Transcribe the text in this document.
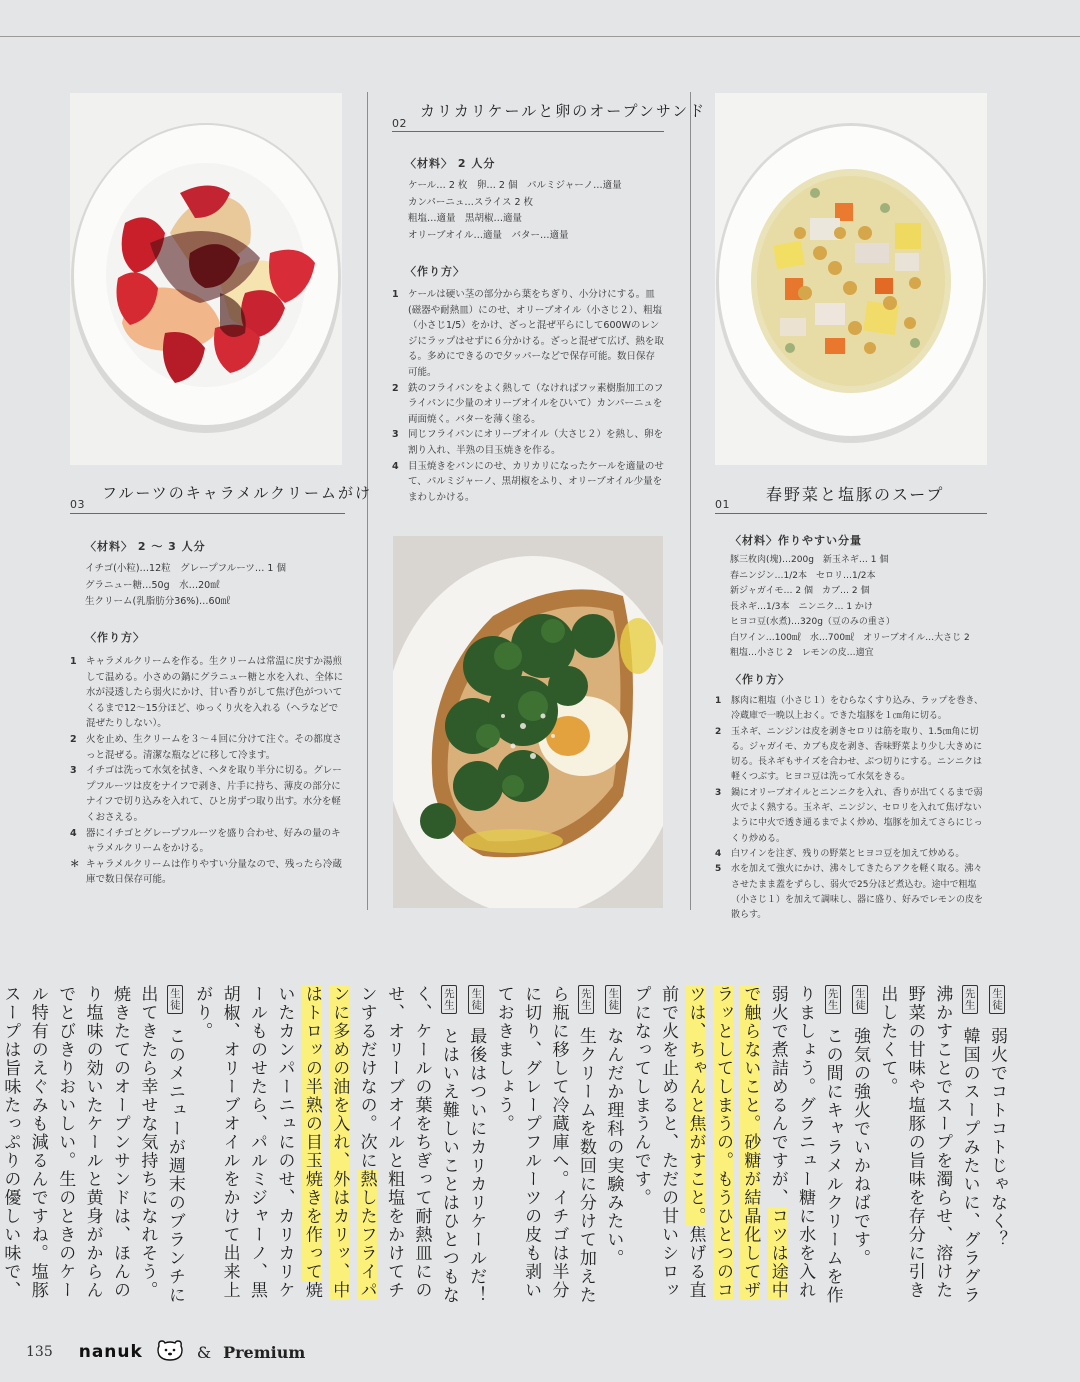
フルーツのキャラメルクリームがけ
03
〈材料〉 2 〜 3 人分
イチゴ(小粒)…12粒　グレープフルーツ… 1 個
グラニュー糖…50g　水…20㎖
生クリーム(乳脂肪分36%)…60㎖
〈作り方〉
1 キャラメルクリームを作る。生クリームは常温に戻すか湯煎して温める。小さめの鍋にグラニュー糖と水を入れ、全体に水が浸透したら弱火にかけ、甘い香りがして焦げ色がついてくるまで12〜15分ほど、ゆっくり火を入れる（ヘラなどで混ぜたりしない）。
2 火を止め、生クリームを３〜４回に分けて注ぐ。その都度さっと混ぜる。清潔な瓶などに移して冷ます。
3 イチゴは洗って水気を拭き、ヘタを取り半分に切る。グレープフルーツは皮をナイフで剥き、片手に持ち、薄皮の部分にナイフで切り込みを入れて、ひと房ずつ取り出す。水分を軽くおさえる。
4 器にイチゴとグレープフルーツを盛り合わせ、好みの量のキャラメルクリームをかける。
＊ キャラメルクリームは作りやすい分量なので、残ったら冷蔵庫で数日保存可能。
カリカリケールと卵のオープンサンド
02
〈材料〉 2 人分
ケール… 2 枚　卵… 2 個　パルミジャーノ…適量
カンパーニュ…スライス 2 枚
粗塩…適量　黒胡椒…適量
オリーブオイル…適量　バター…適量
〈作り方〉
1 ケールは硬い茎の部分から葉をちぎり、小分けにする。皿(磁器や耐熱皿）にのせ、オリーブオイル（小さじ２）、粗塩（小さじ1/5）をかけ、ざっと混ぜ平らにして600Wのレンジにラップはせずに６分かける。ざっと混ぜて広げ、熱を取る。多めにできるので夕ッパーなどで保存可能。数日保存可能。
2 鉄のフライパンをよく熱して（なければフッ素樹脂加工のフライパンに少量のオリーブオイルをひいて）カンパーニュを両面焼く。バターを薄く塗る。
3 同じフライパンにオリーブオイル（大さじ２）を熱し、卵を割り入れ、半熟の目玉焼きを作る。
4 目玉焼きをパンにのせ、カリカリになったケールを適量のせて、パルミジャーノ、黒胡椒をふり、オリーブオイル少量をまわしかける。	春野菜と塩豚のスープ
01
〈材料〉作りやすい分量
豚三枚肉(塊)…200g　新玉ネギ… 1 個
春ニンジン…1/2本　セロリ…1/2本
新ジャガイモ… 2 個　カブ… 2 個
長ネギ…1/3本　ニンニク… 1 かけ
ヒヨコ豆(水煮)…320g（豆のみの重さ）
白ワイン…100㎖　水…700㎖　オリーブオイル…大さじ 2
粗塩…小さじ 2　レモンの皮…適宜
〈作り方〉
1	豚肉に粗塩（小さじ１）をむらなくすり込み、ラップを巻き、冷蔵庫で一晩以上おく。できた塩豚を１㎝角に切る。
2	玉ネギ、ニンジンは皮を剥きセロリは筋を取り、1.5㎝角に切る。ジャガイモ、カブも皮を剥き、香味野菜より少し大きめに切る。長ネギもサイズを合わせ、ぶつ切りにする。ニンニクは軽くつぶす。ヒヨコ豆は洗って水気をきる。
3	鍋にオリーブオイルとニンニクを入れ、香りが出てくるまで弱火でよく熱する。玉ネギ、ニンジン、セロリを入れて焦げないように中火で透き通るまでよく炒め、塩豚を加えてさらにじっくり炒める。
4	白ワインを注ぎ、残りの野菜とヒヨコ豆を加えて炒める。
5	水を加えて強火にかけ、沸々してきたらアクを軽く取る。沸々させたまま蓋をずらし、弱火で25分ほど煮込む。途中で粗塩（小さじ１）を加えて調味し、器に盛り、好みでレモンの皮を散らす。

生徒 弱火でコトコトじゃなく？

先生 韓国のスープみたいに、グラグラ沸かすことでスープを濁らせ、溶けた野菜の甘味や塩豚の旨味を存分に引き出したくて。

生徒 強気の強火でいかねばです。

先生 この間にキャラメルクリームを作りましょう。グラニュー糖に水を入れ弱火で煮詰めるんですが、コツは途中で触らないこと。砂糖が結晶化してザラッとしてしまうの。もうひとつのコツは、ちゃんと焦がすこと。焦げる直前で火を止めると、ただの甘いシロップになってしまうんです。

生徒 なんだか理科の実験みたい。

先生 生クリームを数回に分けて加えたら瓶に移して冷蔵庫へ。イチゴは半分に切り、グレープフルーツの皮も剥いておきましょう。

生徒 最後はついにカリカリケールだ！

先生 とはいえ難しいことはひとつもなく、ケールの葉をちぎって耐熱皿にのせ、オリーブオイルと粗塩をかけてチンするだけなの。次に熱したフライパンに多めの油を入れ、外はカリッ、中はトロッの半熟の目玉焼きを作って焼いたカンパーニュにのせ、カリカリケールものせたら、パルミジャーノ、黒胡椒、オリーブオイルをかけて出来上がり。

生徒 このメニューが週末のブランチに出てきたら幸せな気持ちになれそう。焼きたてのオープンサンドは、ほんのり塩味の効いたケールと黄身がからんでとびきりおいしい。生のときのケール特有のえぐみも減るんですね。塩豚スープは旨味たっぷりの優しい味で、

135 nanuk	& Premium
